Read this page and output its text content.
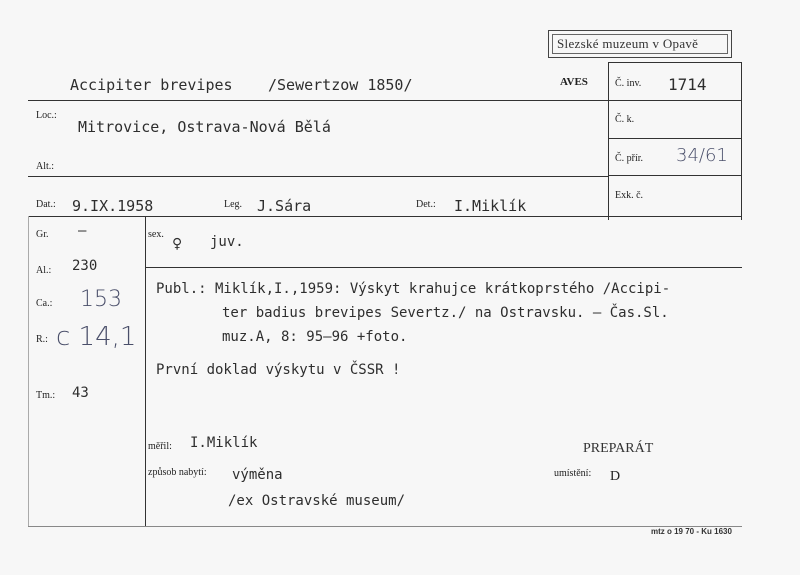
Slezské muzeum v Opavě
Accipiter brevipes /Sewertzow 1850/	AVES	Č. inv. 1714
Č. k.
Č. přír. 34/61
Exk. č.
Loc.:
Mitrovice, Ostrava-Nová Bělá
Alt.:
Dat.: 9.IX.1958	Leg. J.Sára	Det.: I.Miklík
Gr. –
Al.: 230
Ca.: 153
R.: c 14,1
Tm.: 43
sex. ♀ juv.
Publ.: Miklík,I.,1959: Výskyt krahujce krátkoprstého /Accipi-
ter badius brevipes Severtz./ na Ostravsku. – Čas.Sl.
muz.A, 8: 95–96 +foto.
První doklad výskytu v ČSSR !
měřil: I.Miklík	PREPARÁT
způsob nabytí: výměna
/ex Ostravské museum/
umístění: D
mtz o 19 70 - Ku 1630
